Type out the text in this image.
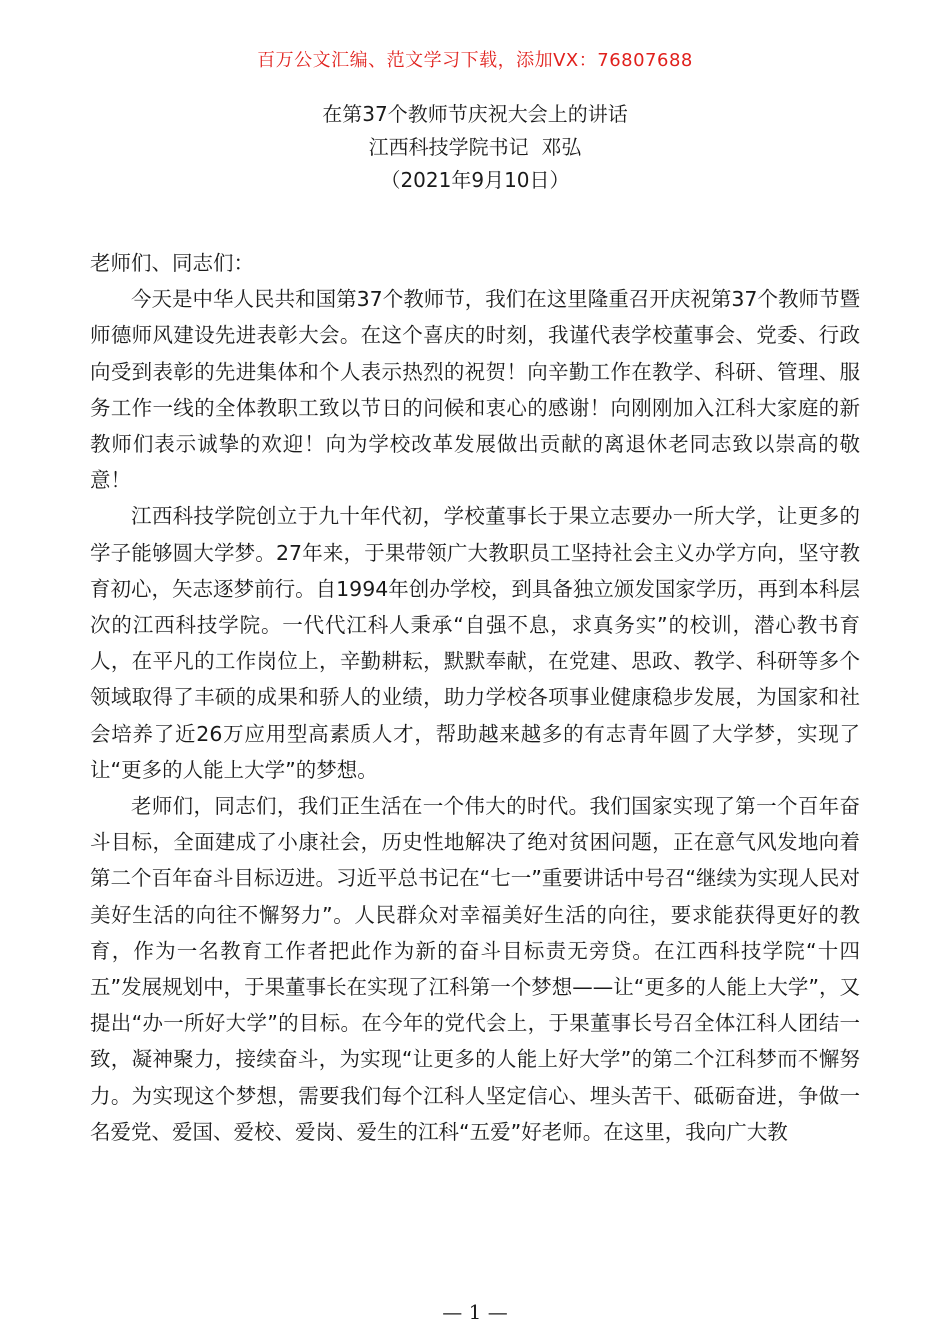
百万公文汇编、范文学习下载，添加VX：76807688
在第37个教师节庆祝大会上的讲话
江西科技学院书记  邓弘
（2021年9月10日）

老师们、同志们：

今天是中华人民共和国第37个教师节，我们在这里隆重召开庆祝第37个教师节暨师德师风建设先进表彰大会。在这个喜庆的时刻，我谨代表学校董事会、党委、行政向受到表彰的先进集体和个人表示热烈的祝贺！向辛勤工作在教学、科研、管理、服务工作一线的全体教职工致以节日的问候和衷心的感谢！向刚刚加入江科大家庭的新教师们表示诚挚的欢迎！向为学校改革发展做出贡献的离退休老同志致以崇高的敬意！

江西科技学院创立于九十年代初，学校董事长于果立志要办一所大学，让更多的学子能够圆大学梦。27年来，于果带领广大教职员工坚持社会主义办学方向，坚守教育初心，矢志逐梦前行。自1994年创办学校，到具备独立颁发国家学历，再到本科层次的江西科技学院。一代代江科人秉承“自强不息，求真务实”的校训，潜心教书育人，在平凡的工作岗位上，辛勤耕耘，默默奉献，在党建、思政、教学、科研等多个领域取得了丰硕的成果和骄人的业绩，助力学校各项事业健康稳步发展，为国家和社会培养了近26万应用型高素质人才，帮助越来越多的有志青年圆了大学梦，实现了让“更多的人能上大学”的梦想。

老师们，同志们，我们正生活在一个伟大的时代。我们国家实现了第一个百年奋斗目标，全面建成了小康社会，历史性地解决了绝对贫困问题，正在意气风发地向着第二个百年奋斗目标迈进。习近平总书记在“七一”重要讲话中号召“继续为实现人民对美好生活的向往不懈努力”。人民群众对幸福美好生活的向往，要求能获得更好的教育，作为一名教育工作者把此作为新的奋斗目标责无旁贷。在江西科技学院“十四五”发展规划中，于果董事长在实现了江科第一个梦想——让“更多的人能上大学”，又提出“办一所好大学”的目标。在今年的党代会上，于果董事长号召全体江科人团结一致，凝神聚力，接续奋斗，为实现“让更多的人能上好大学”的第二个江科梦而不懈努力。为实现这个梦想，需要我们每个江科人坚定信心、埋头苦干、砥砺奋进，争做一名爱党、爱国、爱校、爱岗、爱生的江科“五爱”好老师。在这里，我向广大教

— 1 —
